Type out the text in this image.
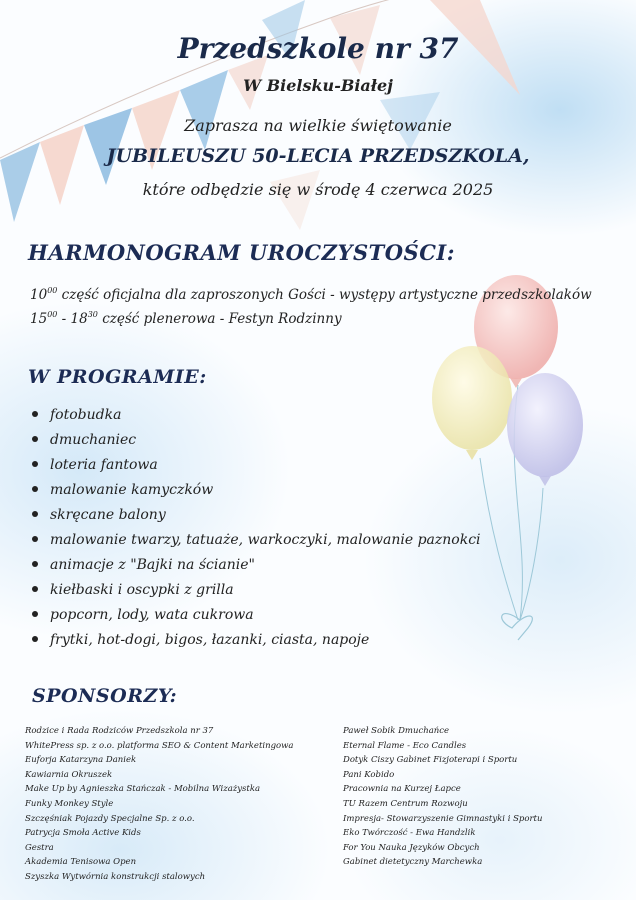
Przedszkole nr 37
W Bielsku-Białej
Zaprasza na wielkie świętowanie
JUBILEUSZU 50-LECIA PRZEDSZKOLA,
które odbędzie się w środę 4 czerwca 2025
HARMONOGRAM UROCZYSTOŚCI:
$10^{00}$ część oficjalna dla zaproszonych Gości - występy artystyczne przedszkolaków
$15^{00} - 18^{30}$ część plenerowa - Festyn Rodzinny
W PROGRAMIE:
fotobudka
dmuchaniec
loteria fantowa
malowanie kamyczków
skręcane balony
malowanie twarzy, tatuaże, warkoczyki, malowanie paznokci
animacje z "Bajki na ścianie"
kiełbaski i oscypki z grilla
popcorn, lody, wata cukrowa
frytki, hot-dogi, bigos, łazanki, ciasta, napoje
SPONSORZY:
Rodzice i Rada Rodziców Przedszkola nr 37
WhitePress sp. z o.o. platforma SEO & Content Marketingowa
Euforja Katarzyna Daniek
Kawiarnia Okruszek
Make Up by Agnieszka Stańczak - Mobilna Wizażystka
Funky Monkey Style
Szczęśniak Pojazdy Specjalne Sp. z o.o.
Patrycja Smoła Active Kids
Gestra
Akademia Tenisowa Open
Szyszka Wytwórnia konstrukcji stalowych
Paweł Sobik Dmuchańce
Eternal Flame - Eco Candles
Dotyk Ciszy Gabinet Fizjoterapi i Sportu
Pani Kobido
Pracownia na Kurzej Łapce
TU Razem Centrum Rozwoju
Impresja- Stowarzyszenie Gimnastyki i Sportu
Eko Twórczość - Ewa Handzlik
For You Nauka Języków Obcych
Gabinet dietetyczny Marchewka
